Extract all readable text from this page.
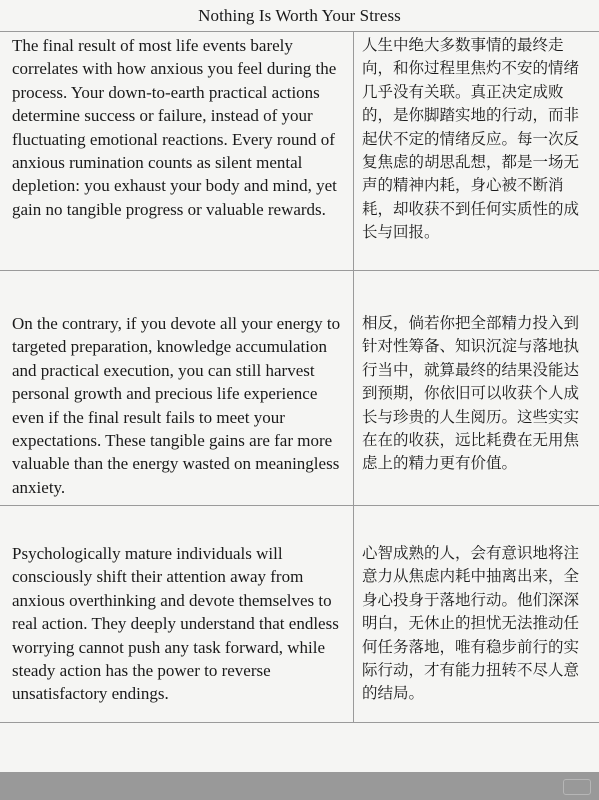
Nothing Is Worth Your Stress
The final result of most life events barely correlates with how anxious you feel during the process. Your down-to-earth practical actions determine success or failure, instead of your fluctuating emotional reactions. Every round of anxious rumination counts as silent mental depletion: you exhaust your body and mind, yet gain no tangible progress or valuable rewards.
人生中绝大多数事情的最终走向，和你过程里焦灼不安的情绪几乎没有关联。真正决定成败的，是你脚踏实地的行动，而非起伏不定的情绪反应。每一次反复焦虑的胡思乱想，都是一场无声的精神内耗，身心被不断消耗，却收获不到任何实质性的成长与回报。
On the contrary, if you devote all your energy to targeted preparation, knowledge accumulation and practical execution, you can still harvest personal growth and precious life experience even if the final result fails to meet your expectations. These tangible gains are far more valuable than the energy wasted on meaningless anxiety.
相反，倘若你把全部精力投入到针对性筹备、知识沉淀与落地执行当中，就算最终的结果没能达到预期，你依旧可以收获个人成长与珍贵的人生阅历。这些实实在在的收获，远比耗费在无用焦虑上的精力更有价值。
Psychologically mature individuals will consciously shift their attention away from anxious overthinking and devote themselves to real action. They deeply understand that endless worrying cannot push any task forward, while steady action has the power to reverse unsatisfactory endings.
心智成熟的人，会有意识地将注意力从焦虑内耗中抽离出来，全身心投身于落地行动。他们深深明白，无休止的担忧无法推动任何任务落地，唯有稳步前行的实际行动，才有能力扭转不尽人意的结局。
